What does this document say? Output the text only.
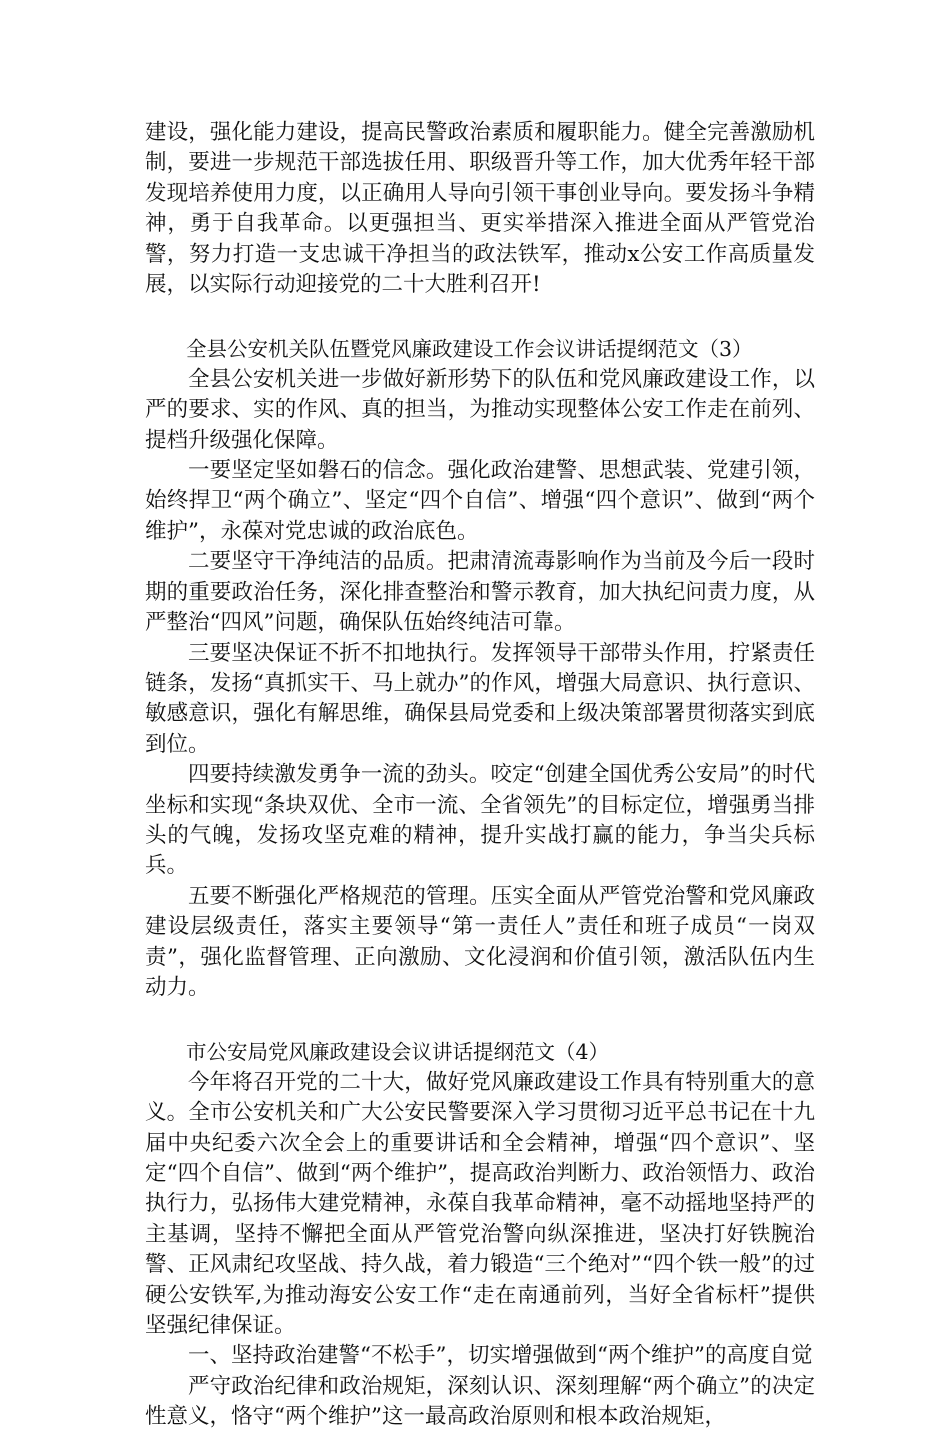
建设，强化能力建设，提高民警政治素质和履职能力。健全完善激励机制，要进一步规范干部选拔任用、职级晋升等工作，加大优秀年轻干部发现培养使用力度，以正确用人导向引领干事创业导向。要发扬斗争精神，勇于自我革命。以更强担当、更实举措深入推进全面从严管党治警，努力打造一支忠诚干净担当的政法铁军，推动x公安工作高质量发展，以实际行动迎接党的二十大胜利召开!

全县公安机关队伍暨党风廉政建设工作会议讲话提纲范文（3）

全县公安机关进一步做好新形势下的队伍和党风廉政建设工作，以严的要求、实的作风、真的担当，为推动实现整体公安工作走在前列、提档升级强化保障。

一要坚定坚如磐石的信念。强化政治建警、思想武装、党建引领，始终捍卫“两个确立”、坚定“四个自信”、增强“四个意识”、做到“两个维护”，永葆对党忠诚的政治底色。

二要坚守干净纯洁的品质。把肃清流毒影响作为当前及今后一段时期的重要政治任务，深化排查整治和警示教育，加大执纪问责力度，从严整治“四风”问题，确保队伍始终纯洁可靠。

三要坚决保证不折不扣地执行。发挥领导干部带头作用，拧紧责任链条，发扬“真抓实干、马上就办”的作风，增强大局意识、执行意识、敏感意识，强化有解思维，确保县局党委和上级决策部署贯彻落实到底到位。

四要持续激发勇争一流的劲头。咬定“创建全国优秀公安局”的时代坐标和实现“条块双优、全市一流、全省领先”的目标定位，增强勇当排头的气魄，发扬攻坚克难的精神，提升实战打赢的能力，争当尖兵标兵。

五要不断强化严格规范的管理。压实全面从严管党治警和党风廉政建设层级责任，落实主要领导“第一责任人”责任和班子成员“一岗双责”，强化监督管理、正向激励、文化浸润和价值引领，激活队伍内生动力。

市公安局党风廉政建设会议讲话提纲范文（4）

今年将召开党的二十大，做好党风廉政建设工作具有特别重大的意义。全市公安机关和广大公安民警要深入学习贯彻习近平总书记在十九届中央纪委六次全会上的重要讲话和全会精神，增强“四个意识”、坚定“四个自信”、做到“两个维护”，提高政治判断力、政治领悟力、政治执行力，弘扬伟大建党精神，永葆自我革命精神，毫不动摇地坚持严的主基调，坚持不懈把全面从严管党治警向纵深推进，坚决打好铁腕治警、正风肃纪攻坚战、持久战，着力锻造“三个绝对”“四个铁一般”的过硬公安铁军,为推动海安公安工作“走在南通前列，当好全省标杆”提供坚强纪律保证。

一、坚持政治建警“不松手”，切实增强做到“两个维护”的高度自觉

严守政治纪律和政治规矩，深刻认识、深刻理解“两个确立”的决定性意义，恪守“两个维护”这一最高政治原则和根本政治规矩，
